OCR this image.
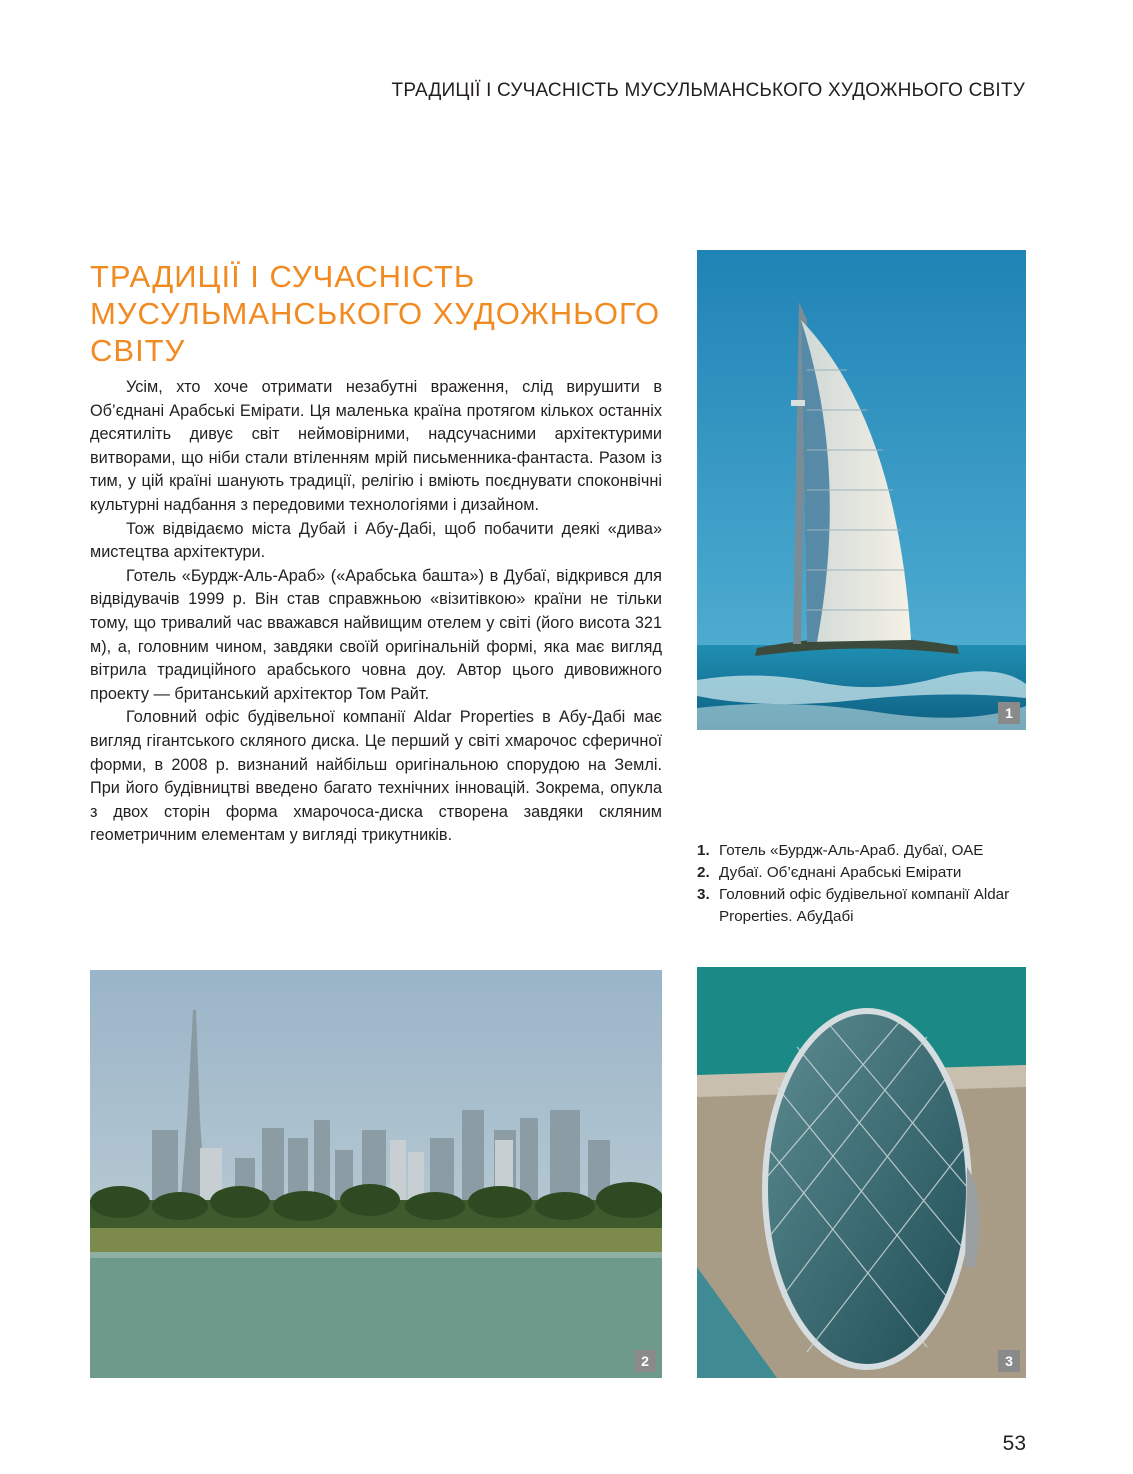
ТРАДИЦІЇ І СУЧАСНІСТЬ МУСУЛЬМАНСЬКОГО ХУДОЖНЬОГО СВІТУ
ТРАДИЦІЇ І СУЧАСНІСТЬ
МУСУЛЬМАНСЬКОГО ХУДОЖНЬОГО
СВІТУ

Усім, хто хоче отримати незабутні враження, слід вирушити в Об’єднані Арабські Емірати. Ця маленька країна протягом кількох останніх десятиліть дивує світ неймовірними, надсучасними архітектурими витворами, що ніби стали втіленням мрій письменника-фантаста. Разом із тим, у цій країні шанують традиції, релігію і вміють поєднувати споконвічні культурні надбання з передовими технологіями і дизайном.

Тож відвідаємо міста Дубай і Абу-Дабі, щоб побачити деякі «дива» мистецтва архітектури.

Готель «Бурдж-Аль-Араб» («Арабська башта») в Дубаї, відкрився для відвідувачів 1999 р. Він став справжньою «візитівкою» країни не тільки тому, що тривалий час вважався найвищим отелем у світі (його висота 321 м), а, головним чином, завдяки своїй оригінальній формі, яка має вигляд вітрила традиційного арабського човна доу. Автор цього дивовижного проекту — британський архітектор Том Райт.

Головний офіс будівельної компанії Aldar Properties в Абу-Дабі має вигляд гігантського скляного диска. Це перший у світі хмарочос сферичної форми, в 2008 р. визнаний найбільш оригінальною спорудою на Землі. При його будівництві введено багато технічних інновацій. Зокрема, опукла з двох сторін форма хмарочоса-диска створена завдяки скляним геометричним елементам у вигляді трикутників.

1
2	3
1. Готель «Бурдж-Аль-Араб. Дубаї, ОАЕ
2. Дубаї. Об’єднані Арабські Емірати
3. Головний офіс будівельної компанії Aldar Properties. АбуДабі
53
